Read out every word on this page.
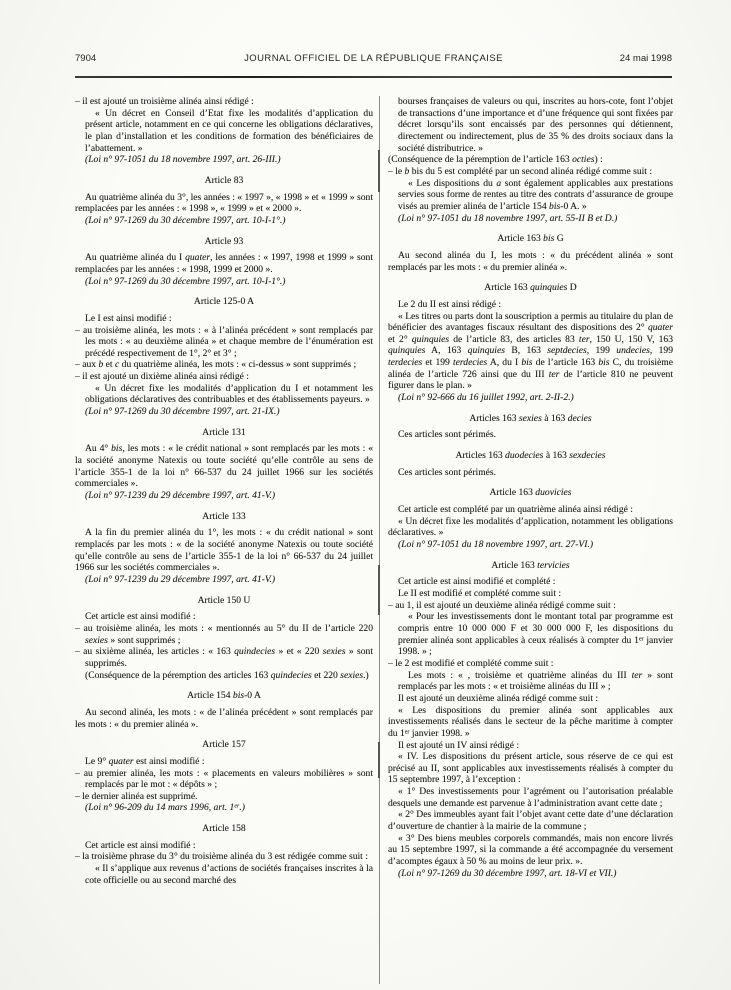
7904	JOURNAL OFFICIEL DE LA RÉPUBLIQUE FRANÇAISE	24 mai 1998

– il est ajouté un troisième alinéa ainsi rédigé :

« Un décret en Conseil d’Etat fixe les modalités d’application du présent article, notamment en ce qui concerne les obligations déclaratives, le plan d’installation et les conditions de formation des bénéficiaires de l’abattement. »

(Loi n° 97-1051 du 18 novembre 1997, art. 26-III.)

Article 83

Au quatrième alinéa du 3°, les années : « 1997 », « 1998 » et « 1999 » sont remplacées par les années : « 1998 », « 1999 » et « 2000 ».

(Loi n° 97-1269 du 30 décembre 1997, art. 10-I-1°.)

Article 93

Au quatrième alinéa du I quater, les années : « 1997, 1998 et 1999 » sont remplacées par les années : « 1998, 1999 et 2000 ».

(Loi n° 97-1269 du 30 décembre 1997, art. 10-I-1°.)

Article 125-0 A

Le I est ainsi modifié :

– au troisième alinéa, les mots : « à l’alinéa précédent » sont remplacés par les mots : « au deuxième alinéa » et chaque membre de l’énumération est précédé respectivement de 1°, 2° et 3° ;

– aux b et c du quatrième alinéa, les mots : « ci-dessus » sont supprimés ;

– il est ajouté un dixième alinéa ainsi rédigé :

« Un décret fixe les modalités d’application du I et notamment les obligations déclaratives des contribuables et des établissements payeurs. »

(Loi n° 97-1269 du 30 décembre 1997, art. 21-IX.)

Article 131

Au 4° bis, les mots : « le crédit national » sont remplacés par les mots : « la société anonyme Natexis ou toute société qu’elle contrôle au sens de l’article 355-1 de la loi n° 66-537 du 24 juillet 1966 sur les sociétés commerciales ».

(Loi n° 97-1239 du 29 décembre 1997, art. 41-V.)

Article 133

A la fin du premier alinéa du 1°, les mots : « du crédit national » sont remplacés par les mots : « de la société anonyme Natexis ou toute société qu’elle contrôle au sens de l’article 355-1 de la loi n° 66-537 du 24 juillet 1966 sur les sociétés commerciales ».

(Loi n° 97-1239 du 29 décembre 1997, art. 41-V.)

Article 150 U

Cet article est ainsi modifié :

– au troisième alinéa, les mots : « mentionnés au 5° du II de l’article 220 sexies » sont supprimés ;

– au sixième alinéa, les articles : « 163 quindecies » et « 220 sexies » sont supprimés.

(Conséquence de la péremption des articles 163 quindecies et 220 sexies.)

Article 154 bis-0 A

Au second alinéa, les mots : « de l’alinéa précédent » sont remplacés par les mots : « du premier alinéa ».

Article 157

Le 9° quater est ainsi modifié :

– au premier alinéa, les mots : « placements en valeurs mobilières » sont remplacés par le mot : « dépôts » ;

– le dernier alinéa est supprimé.

(Loi n° 96-209 du 14 mars 1996, art. 1er.)

Article 158

Cet article est ainsi modifié :

– la troisième phrase du 3° du troisième alinéa du 3 est rédigée comme suit :

« Il s’applique aux revenus d’actions de sociétés françaises inscrites à la cote officielle ou au second marché des

bourses françaises de valeurs ou qui, inscrites au hors-cote, font l’objet de transactions d’une importance et d’une fréquence qui sont fixées par décret lorsqu’ils sont encaissés par des personnes qui détiennent, directement ou indirectement, plus de 35 % des droits sociaux dans la société distributrice. »

(Conséquence de la péremption de l’article 163 octies) :

– le b bis du 5 est complété par un second alinéa rédigé comme suit :

« Les dispositions du a sont également applicables aux prestations servies sous forme de rentes au titre des contrats d’assurance de groupe visés au premier alinéa de l’article 154 bis-0 A. »

(Loi n° 97-1051 du 18 novembre 1997, art. 55-II B et D.)

Article 163 bis G

Au second alinéa du I, les mots : « du précédent alinéa » sont remplacés par les mots : « du premier alinéa ».

Article 163 quinquies D

Le 2 du II est ainsi rédigé :

« Les titres ou parts dont la souscription a permis au titulaire du plan de bénéficier des avantages fiscaux résultant des dispositions des 2° quater et 2° quinquies de l’article 83, des articles 83 ter, 150 U, 150 V, 163 quinquies A, 163 quinquies B, 163 septdecies, 199 undecies, 199 terdecies et 199 terdecies A, du I bis de l’article 163 bis C, du troisième alinéa de l’article 726 ainsi que du III ter de l’article 810 ne peuvent figurer dans le plan. »

(Loi n° 92-666 du 16 juillet 1992, art. 2-II-2.)

Articles 163 sexies à 163 decies

Ces articles sont périmés.

Articles 163 duodecies à 163 sexdecies

Ces articles sont périmés.

Article 163 duovicies

Cet article est complété par un quatrième alinéa ainsi rédigé :

« Un décret fixe les modalités d’application, notamment les obligations déclaratives. »

(Loi n° 97-1051 du 18 novembre 1997, art. 27-VI.)

Article 163 tervicies

Cet article est ainsi modifié et complété :

Le II est modifié et complété comme suit :

– au 1, il est ajouté un deuxième alinéa rédigé comme suit :

« Pour les investissements dont le montant total par programme est compris entre 10 000 000 F et 30 000 000 F, les dispositions du premier alinéa sont applicables à ceux réalisés à compter du 1er janvier 1998. » ;

– le 2 est modifié et complété comme suit :

Les mots : « , troisième et quatrième alinéas du III ter » sont remplacés par les mots : « et troisième alinéas du III » ;

Il est ajouté un deuxième alinéa rédigé comme suit :

« Les dispositions du premier alinéa sont applicables aux investissements réalisés dans le secteur de la pêche maritime à compter du 1er janvier 1998. »

Il est ajouté un IV ainsi rédigé :

« IV. Les dispositions du présent article, sous réserve de ce qui est précisé au II, sont applicables aux investissements réalisés à compter du 15 septembre 1997, à l’exception :

« 1° Des investissements pour l’agrément ou l’autorisation préalable desquels une demande est parvenue à l’administration avant cette date ;

« 2° Des immeubles ayant fait l’objet avant cette date d’une déclaration d’ouverture de chantier à la mairie de la commune ;

« 3° Des biens meubles corporels commandés, mais non encore livrés au 15 septembre 1997, si la commande a été accompagnée du versement d’acomptes égaux à 50 % au moins de leur prix. ».

(Loi n° 97-1269 du 30 décembre 1997, art. 18-VI et VII.)
